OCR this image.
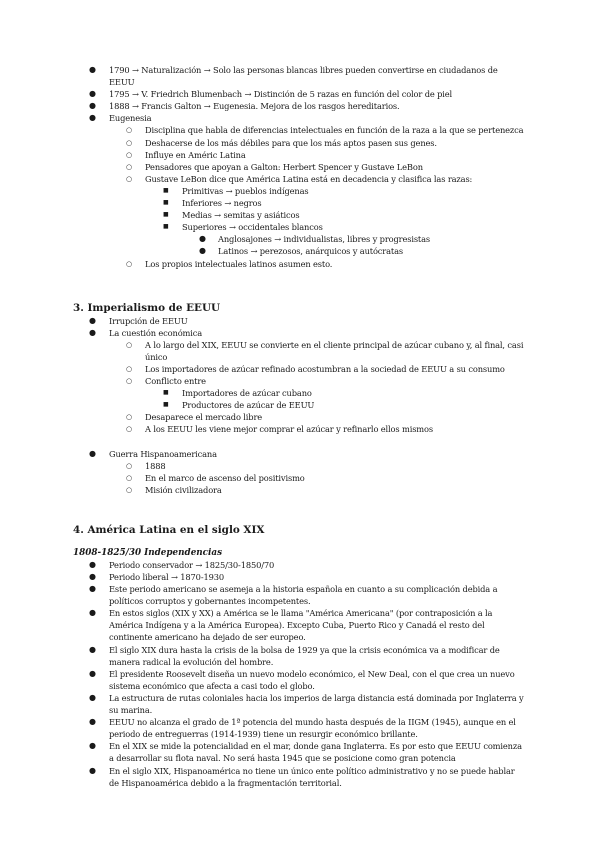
● 1790 → Naturalización → Solo las personas blancas libres pueden convertirse en ciudadanos de EEUU
● 1795 → V. Friedrich Blumenbach → Distinción de 5 razas en función del color de piel
● 1888 → Francis Galton → Eugenesia. Mejora de los rasgos hereditarios.
● Eugenesia
○ Disciplina que habla de diferencias intelectuales en función de la raza a la que se pertenezca
○ Deshacerse de los más débiles para que los más aptos pasen sus genes.
○ Influye en Améric Latina
○ Pensadores que apoyan a Galton: Herbert Spencer y Gustave LeBon
○ Gustave LeBon dice que América Latina está en decadencia y clasifica las razas:
■ Primitivas → pueblos indígenas
■ Inferiores → negros
■ Medias → semitas y asiáticos
■ Superiores → occidentales blancos
● Anglosajones → individualistas, libres y progresistas
● Latinos → perezosos, anárquicos y autócratas
○ Los propios intelectuales latinos asumen esto.
3. Imperialismo de EEUU
● Irrupción de EEUU
● La cuestión económica
○ A lo largo del XIX, EEUU se convierte en el cliente principal de azúcar cubano y, al final, casi único
○ Los importadores de azúcar refinado acostumbran a la sociedad de EEUU a su consumo
○ Conflicto entre
■ Importadores de azúcar cubano
■ Productores de azúcar de EEUU
○ Desaparece el mercado libre
○ A los EEUU les viene mejor comprar el azúcar y refinarlo ellos mismos
● Guerra Hispanoamericana
○ 1888
○ En el marco de ascenso del positivismo
○ Misión civilizadora
4. América Latina en el siglo XIX
1808-1825/30 Independencias
● Periodo conservador → 1825/30-1850/70
● Periodo liberal → 1870-1930
● Este periodo americano se asemeja a la historia española en cuanto a su complicación debida a políticos corruptos y gobernantes incompetentes.
● En estos siglos (XIX y XX) a América se le llama "América Americana" (por contraposición a la América Indígena y a la América Europea). Excepto Cuba, Puerto Rico y Canadá el resto del continente americano ha dejado de ser europeo.
● El siglo XIX dura hasta la crisis de la bolsa de 1929 ya que la crisis económica va a modificar de manera radical la evolución del hombre.
● El presidente Roosevelt diseña un nuevo modelo económico, el New Deal, con el que crea un nuevo sistema económico que afecta a casi todo el globo.
● La estructura de rutas coloniales hacia los imperios de larga distancia está dominada por Inglaterra y su marina.
● EEUU no alcanza el grado de 1ª potencia del mundo hasta después de la IIGM (1945), aunque en el periodo de entreguerras (1914-1939) tiene un resurgir económico brillante.
● En el XIX se mide la potencialidad en el mar, donde gana Inglaterra. Es por esto que EEUU comienza a desarrollar su flota naval. No será hasta 1945 que se posicione como gran potencia
● En el siglo XIX, Hispanoamérica no tiene un único ente político administrativo y no se puede hablar de Hispanoamérica debido a la fragmentación territorial.
